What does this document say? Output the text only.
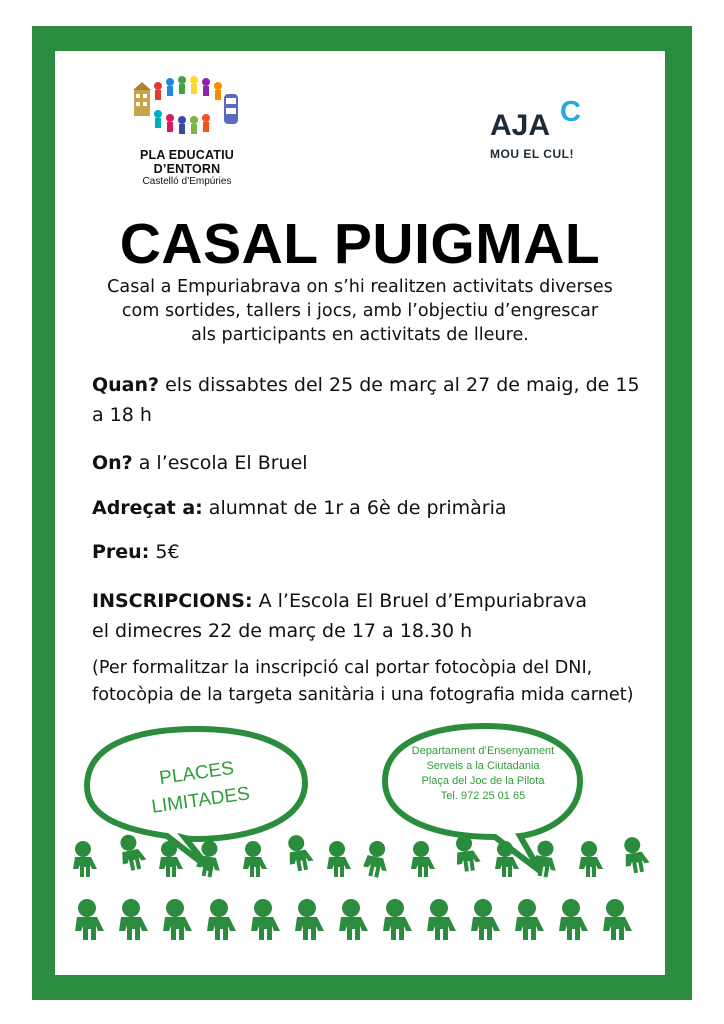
PLA EDUCATIU
D’ENTORN
Castelló d’Empúries
AJA C
MOU EL CUL!
CASAL PUIGMAL
Casal a Empuriabrava on s’hi realitzen activitats diverses
com sortides, tallers i jocs, amb l’objectiu d’engrescar
als participants en activitats de lleure.
Quan? els dissabtes del 25 de març al 27 de maig, de 15
a 18 h
On? a l’escola El Bruel
Adreçat a: alumnat de 1r a 6è de primària
Preu: 5€
INSCRIPCIONS: A l’Escola El Bruel d’Empuriabrava
el dimecres 22 de març de 17 a 18.30 h
(Per formalitzar la inscripció cal portar fotocòpia del DNI,
fotocòpia de la targeta sanitària i una fotografia mida carnet)
PLACES
LIMITADES
Departament d’Ensenyament
Serveis a la Ciutadania
Plaça del Joc de la Pilota
Tel. 972 25 01 65
